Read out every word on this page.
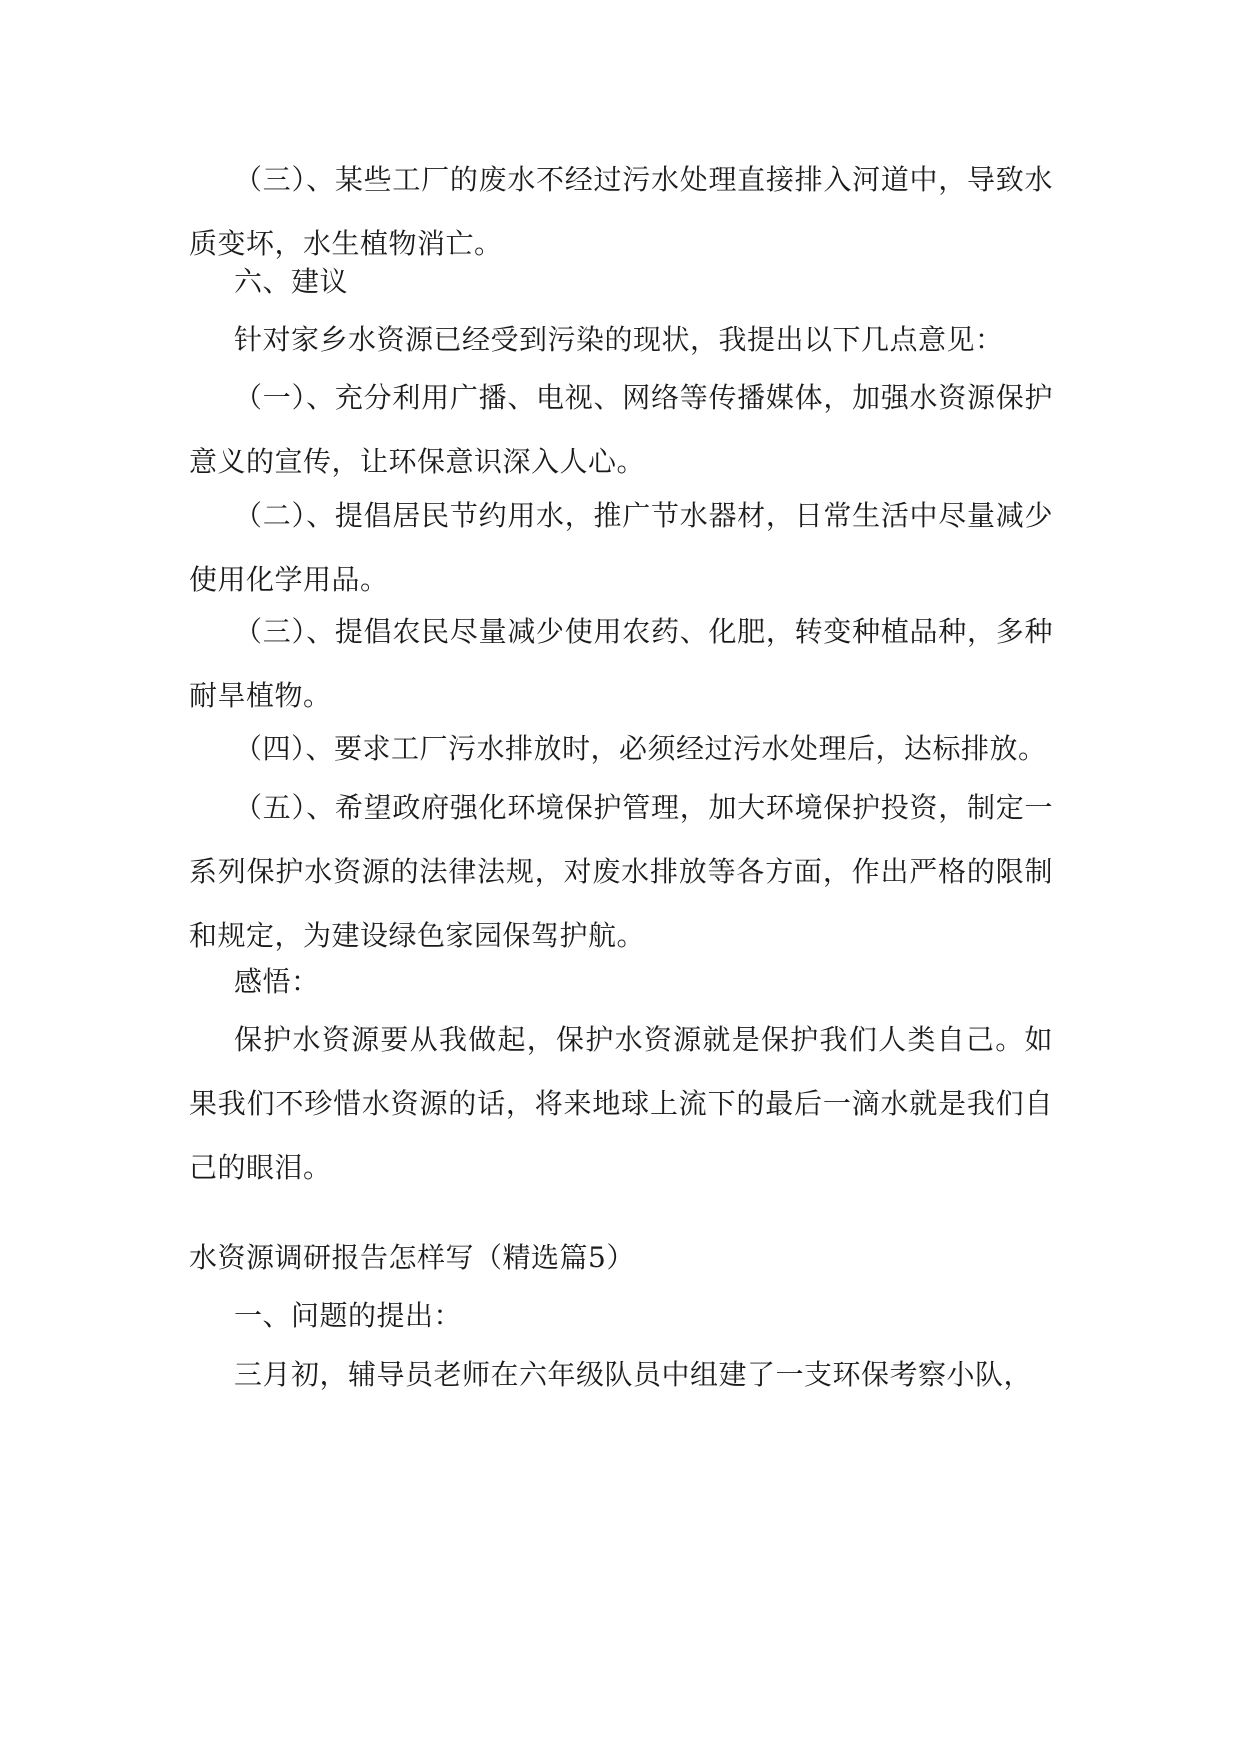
（三）、某些工厂的废水不经过污水处理直接排入河道中，导致水质变坏，水生植物消亡。

六、建议

针对家乡水资源已经受到污染的现状，我提出以下几点意见：

（一）、充分利用广播、电视、网络等传播媒体，加强水资源保护意义的宣传，让环保意识深入人心。

（二）、提倡居民节约用水，推广节水器材，日常生活中尽量减少使用化学用品。

（三）、提倡农民尽量减少使用农药、化肥，转变种植品种，多种耐旱植物。

（四）、要求工厂污水排放时，必须经过污水处理后，达标排放。

（五）、希望政府强化环境保护管理，加大环境保护投资，制定一系列保护水资源的法律法规，对废水排放等各方面，作出严格的限制和规定，为建设绿色家园保驾护航。

感悟：

保护水资源要从我做起，保护水资源就是保护我们人类自己。如果我们不珍惜水资源的话，将来地球上流下的最后一滴水就是我们自己的眼泪。

水资源调研报告怎样写（精选篇5）

一、问题的提出：

三月初，辅导员老师在六年级队员中组建了一支环保考察小队，
